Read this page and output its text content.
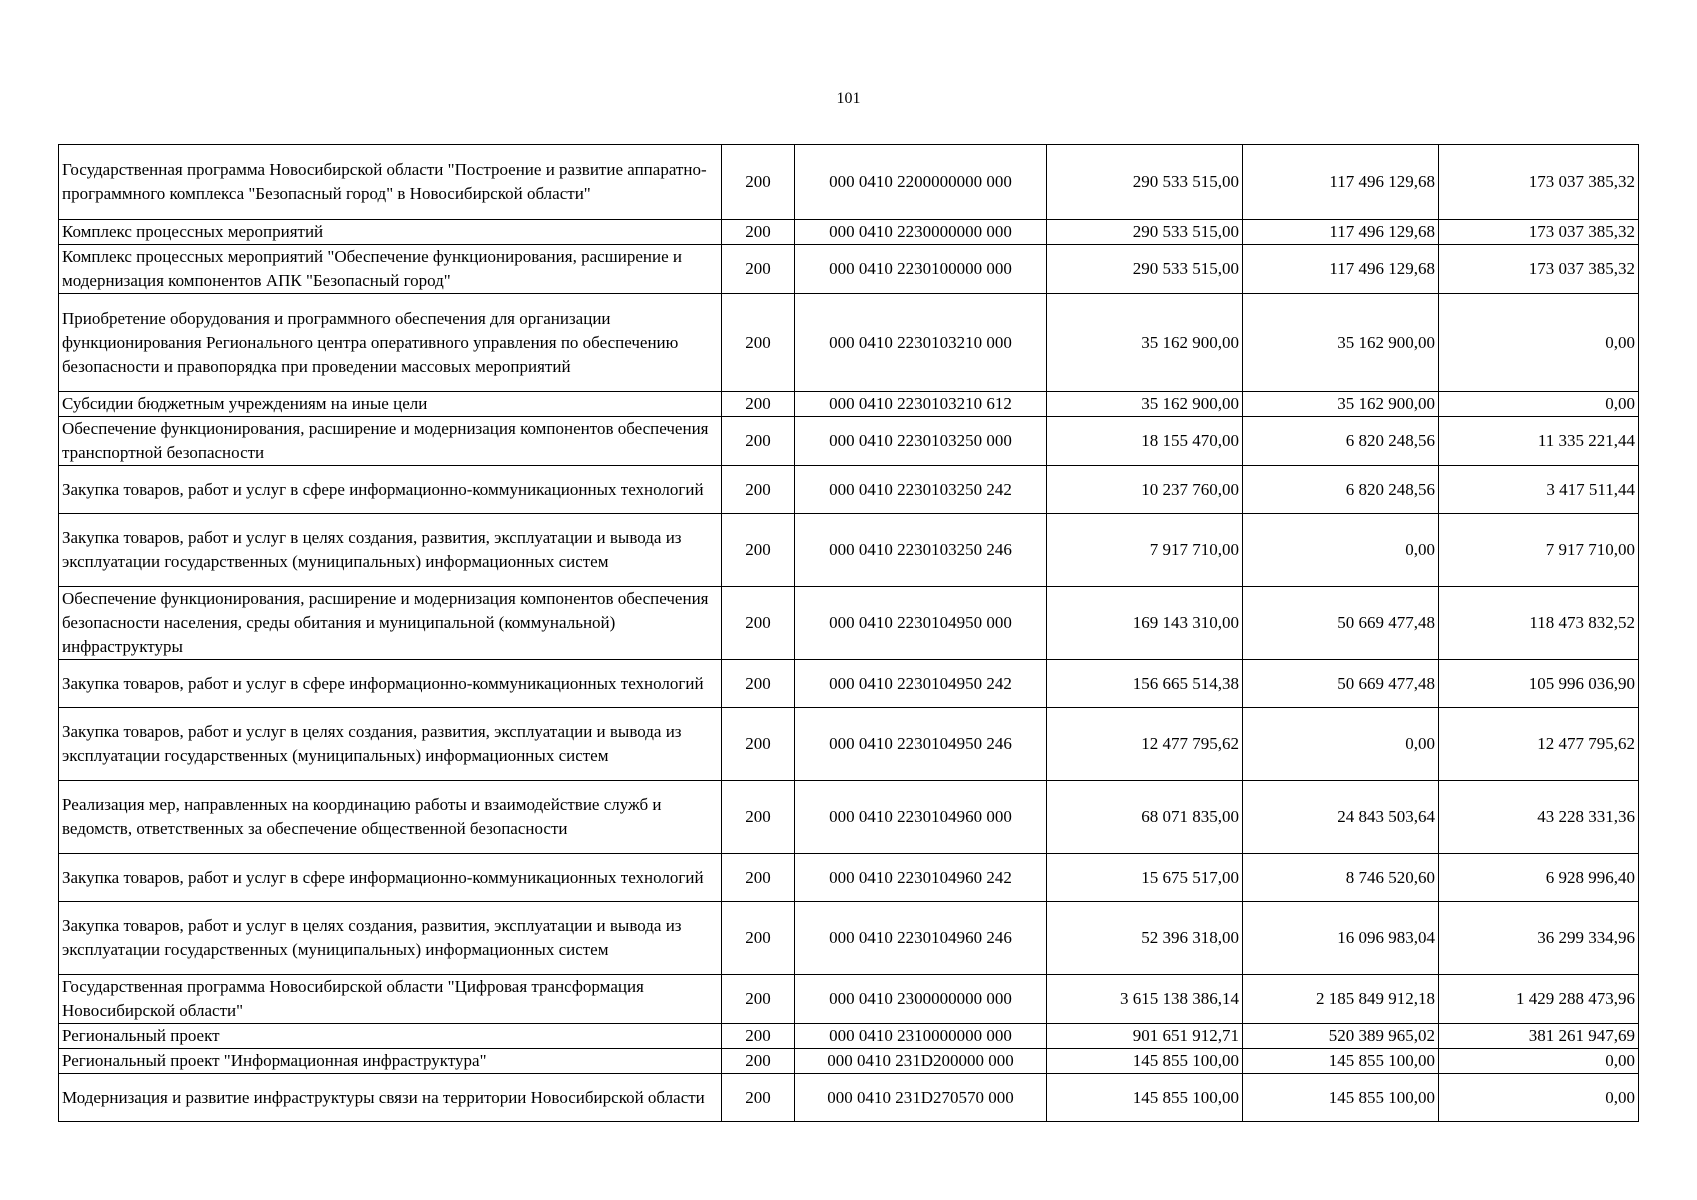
101
Государственная программа Новосибирской области "Построение и развитие аппаратно-программного комплекса "Безопасный город" в Новосибирской области"	200	000 0410 2200000000 000	290 533 515,00	117 496 129,68	173 037 385,32
Комплекс процессных мероприятий	200	000 0410 2230000000 000	290 533 515,00	117 496 129,68	173 037 385,32
Комплекс процессных мероприятий "Обеспечение функционирования, расширение и модернизация компонентов АПК "Безопасный город"	200	000 0410 2230100000 000	290 533 515,00	117 496 129,68	173 037 385,32
Приобретение оборудования и программного обеспечения для организации функционирования Регионального центра оперативного управления по обеспечению безопасности и правопорядка при проведении массовых мероприятий	200	000 0410 2230103210 000	35 162 900,00	35 162 900,00	0,00
Субсидии бюджетным учреждениям на иные цели	200	000 0410 2230103210 612	35 162 900,00	35 162 900,00	0,00
Обеспечение функционирования, расширение и модернизация компонентов обеспечения транспортной безопасности	200	000 0410 2230103250 000	18 155 470,00	6 820 248,56	11 335 221,44
Закупка товаров, работ и услуг в сфере информационно-коммуникационных технологий	200	000 0410 2230103250 242	10 237 760,00	6 820 248,56	3 417 511,44
Закупка товаров, работ и услуг в целях создания, развития, эксплуатации и вывода из эксплуатации государственных (муниципальных) информационных систем	200	000 0410 2230103250 246	7 917 710,00	0,00	7 917 710,00
Обеспечение функционирования, расширение и модернизация компонентов обеспечения безопасности населения, среды обитания и муниципальной (коммунальной) инфраструктуры	200	000 0410 2230104950 000	169 143 310,00	50 669 477,48	118 473 832,52
Закупка товаров, работ и услуг в сфере информационно-коммуникационных технологий	200	000 0410 2230104950 242	156 665 514,38	50 669 477,48	105 996 036,90
Закупка товаров, работ и услуг в целях создания, развития, эксплуатации и вывода из эксплуатации государственных (муниципальных) информационных систем	200	000 0410 2230104950 246	12 477 795,62	0,00	12 477 795,62
Реализация мер, направленных на координацию работы и взаимодействие служб и ведомств, ответственных за обеспечение общественной безопасности	200	000 0410 2230104960 000	68 071 835,00	24 843 503,64	43 228 331,36
Закупка товаров, работ и услуг в сфере информационно-коммуникационных технологий	200	000 0410 2230104960 242	15 675 517,00	8 746 520,60	6 928 996,40
Закупка товаров, работ и услуг в целях создания, развития, эксплуатации и вывода из эксплуатации государственных (муниципальных) информационных систем	200	000 0410 2230104960 246	52 396 318,00	16 096 983,04	36 299 334,96
Государственная программа Новосибирской области "Цифровая трансформация Новосибирской области"	200	000 0410 2300000000 000	3 615 138 386,14	2 185 849 912,18	1 429 288 473,96
Региональный проект	200	000 0410 2310000000 000	901 651 912,71	520 389 965,02	381 261 947,69
Региональный проект "Информационная инфраструктура"	200	000 0410 231D200000 000	145 855 100,00	145 855 100,00	0,00
Модернизация и развитие инфраструктуры связи на территории Новосибирской области	200	000 0410 231D270570 000	145 855 100,00	145 855 100,00	0,00
